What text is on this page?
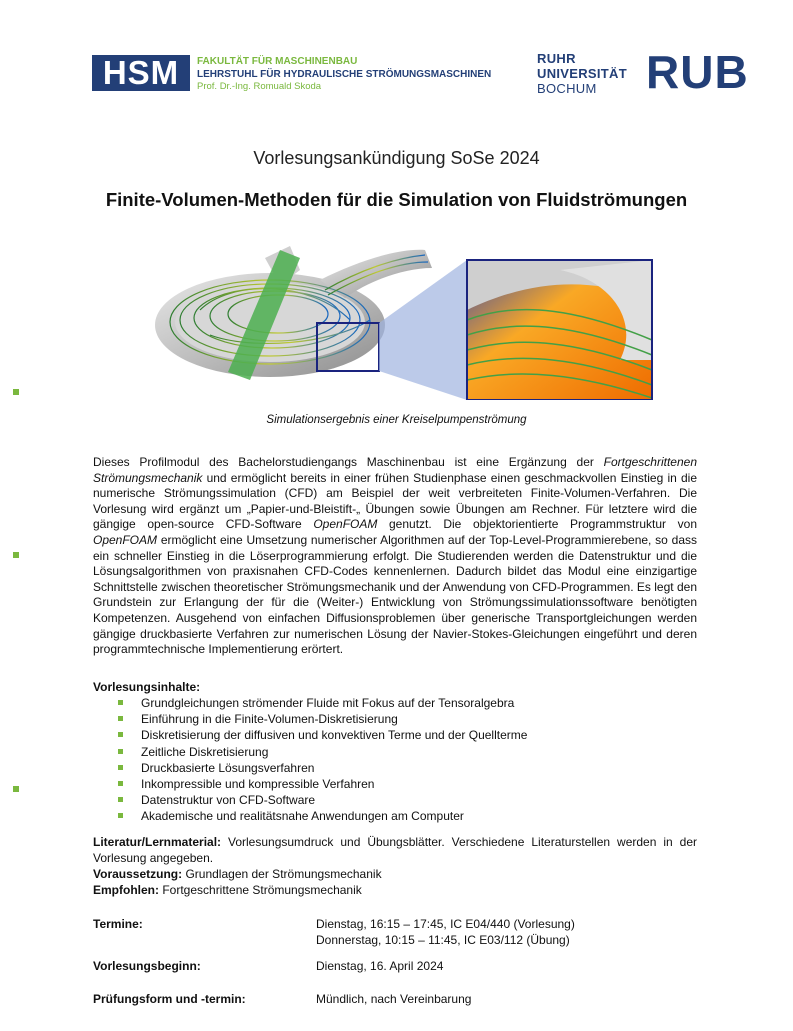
HSM	FAKULTÄT FÜR MASCHINENBAU
LEHRSTUHL FÜR HYDRAULISCHE STRÖMUNGSMASCHINEN
Prof. Dr.-Ing. Romuald Skoda
RUHR
UNIVERSITÄT
BOCHUM	RUB
Vorlesungsankündigung SoSe 2024
Finite-Volumen-Methoden für die Simulation von Fluidströmungen
Simulationsergebnis einer Kreiselpumpenströmung
Dieses Profilmodul des Bachelorstudiengangs Maschinenbau ist eine Ergänzung der Fortgeschrittenen Strömungsmechanik und ermöglicht bereits in einer frühen Studienphase einen geschmackvollen Einstieg in die numerische Strömungssimulation (CFD) am Beispiel der weit verbreiteten Finite-Volumen-Verfahren. Die Vorlesung wird ergänzt um „Papier-und-Bleistift-„ Übungen sowie Übungen am Rechner. Für letztere wird die gängige open-source CFD-Software OpenFOAM genutzt. Die objektorientierte Programmstruktur von OpenFOAM ermöglicht eine Umsetzung numerischer Algorithmen auf der Top-Level-Programmierebene, so dass ein schneller Einstieg in die Löserprogrammierung erfolgt. Die Studierenden werden die Datenstruktur und die Lösungsalgorithmen von praxisnahen CFD-Codes kennenlernen. Dadurch bildet das Modul eine einzigartige Schnittstelle zwischen theoretischer Strömungsmechanik und der Anwendung von CFD-Programmen. Es legt den Grundstein zur Erlangung der für die (Weiter-) Entwicklung von Strömungssimulationssoftware benötigten Kompetenzen. Ausgehend von einfachen Diffusionsproblemen über generische Transportgleichungen werden gängige druckbasierte Verfahren zur numerischen Lösung der Navier-Stokes-Gleichungen eingeführt und deren programmtechnische Implementierung erörtert.
Vorlesungsinhalte:
Grundgleichungen strömender Fluide mit Fokus auf der Tensoralgebra
Einführung in die Finite-Volumen-Diskretisierung
Diskretisierung der diffusiven und konvektiven Terme und der Quellterme
Zeitliche Diskretisierung
Druckbasierte Lösungsverfahren
Inkompressible und kompressible Verfahren
Datenstruktur von CFD-Software
Akademische und realitätsnahe Anwendungen am Computer
Literatur/Lernmaterial: Vorlesungsumdruck und Übungsblätter. Verschiedene Literaturstellen werden in der Vorlesung angegeben.
Voraussetzung: Grundlagen der Strömungsmechanik
Empfohlen: Fortgeschrittene Strömungsmechanik
Termine:	Dienstag, 16:15 – 17:45, IC E04/440 (Vorlesung)
Donnerstag, 10:15 – 11:45, IC E03/112 (Übung)
Vorlesungsbeginn:	Dienstag, 16. April 2024
Prüfungsform und -termin:	Mündlich, nach Vereinbarung
